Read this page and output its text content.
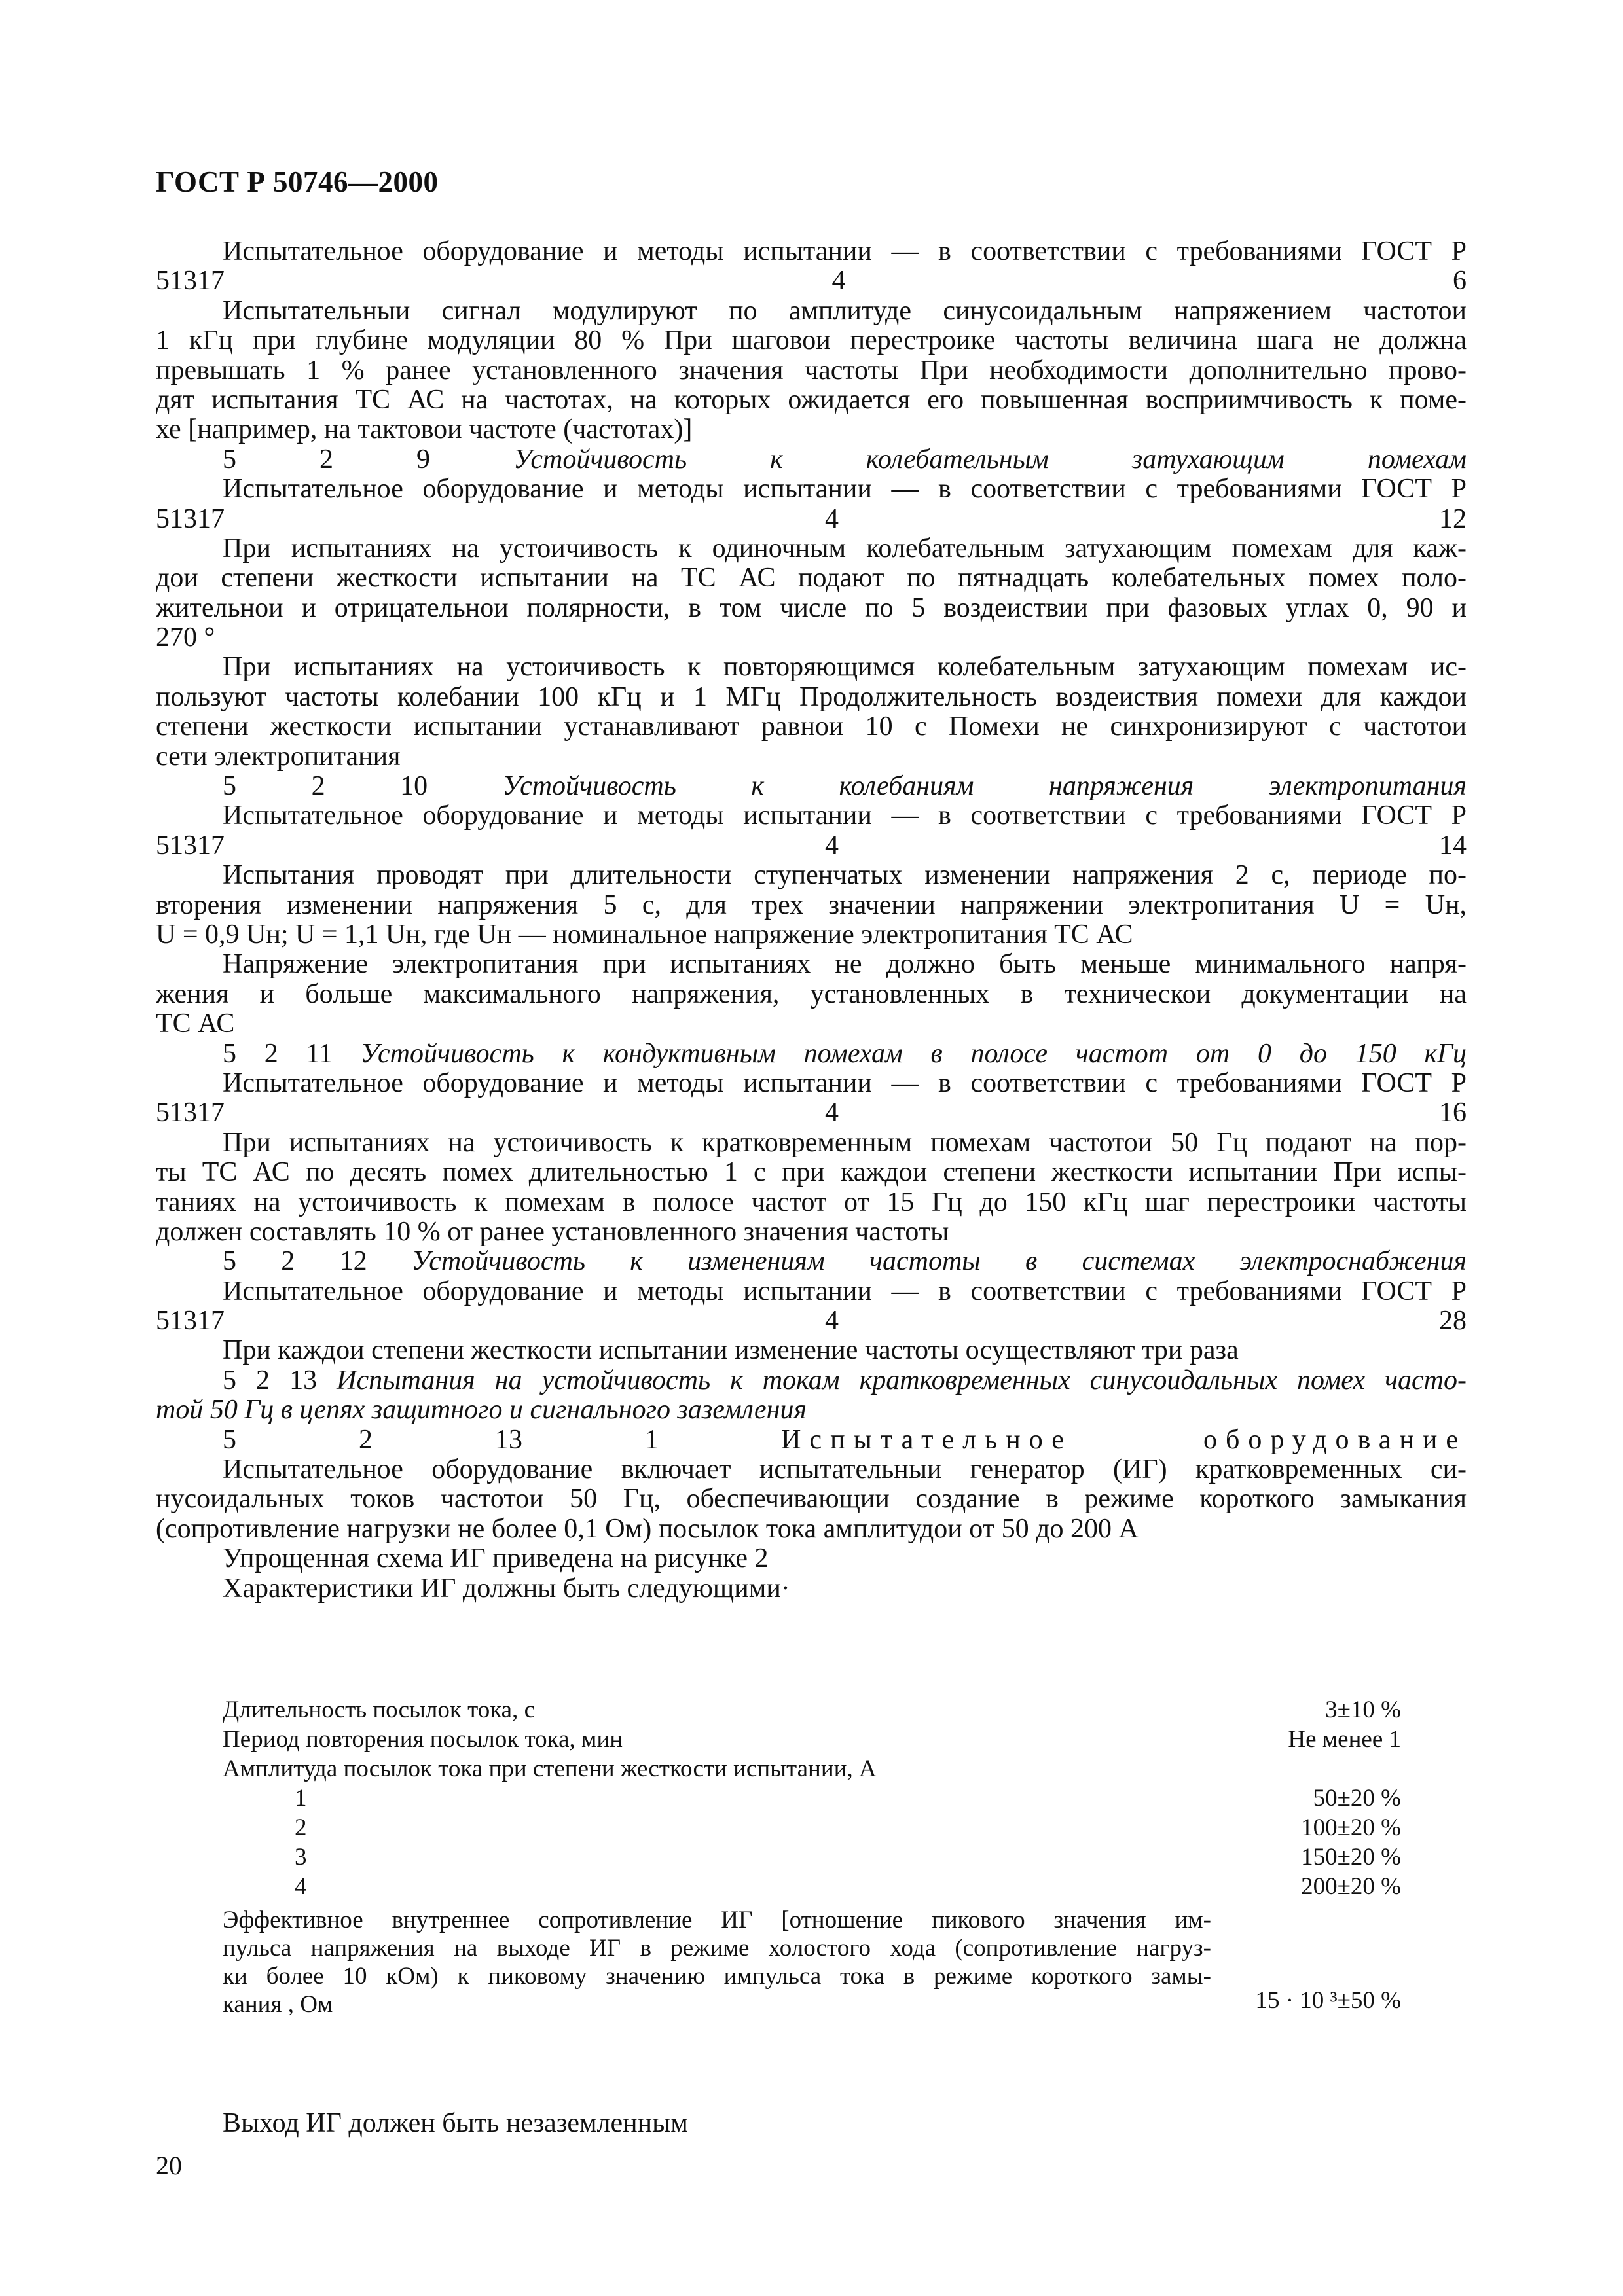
ГОСТ Р 50746—2000
Испытательное оборудование и методы испытании — в соответствии с требованиями ГОСТ Р
51317 4 6
Испытательныи сигнал модулируют по амплитуде синусоидальным напряжением частотои
1 кГц при глубине модуляции 80 % При шаговои перестроике частоты величина шага не должна
превышать 1 % ранее установленного значения частоты При необходимости дополнительно прово-
дят испытания ТС АС на частотах, на которых ожидается его повышенная восприимчивость к поме-
хе [например, на тактовои частоте (частотах)]
5 2 9 Устойчивость к колебательным затухающим помехам
Испытательное оборудование и методы испытании — в соответствии с требованиями ГОСТ Р
51317 4 12
При испытаниях на устоичивость к одиночным колебательным затухающим помехам для каж-
дои степени жесткости испытании на ТС АС подают по пятнадцать колебательных помех поло-
жительнои и отрицательнои полярности, в том числе по 5 воздеиствии при фазовых углах 0, 90 и
270 °
При испытаниях на устоичивость к повторяющимся колебательным затухающим помехам ис-
пользуют частоты колебании 100 кГц и 1 МГц Продолжительность воздеиствия помехи для каждои
степени жесткости испытании устанавливают равнои 10 с Помехи не синхронизируют с частотои
сети электропитания
5 2 10 Устойчивость к колебаниям напряжения электропитания
Испытательное оборудование и методы испытании — в соответствии с требованиями ГОСТ Р
51317 4 14
Испытания проводят при длительности ступенчатых изменении напряжения 2 с, периоде по-
вторения изменении напряжения 5 с, для трех значении напряжении электропитания U = Uн,
U = 0,9 Uн; U = 1,1 Uн, где Uн — номинальное напряжение электропитания ТС АС
Напряжение электропитания при испытаниях не должно быть меньше минимального напря-
жения и больше максимального напряжения, установленных в техническои документации на
ТС АС
5 2 11 Устойчивость к кондуктивным помехам в полосе частот от 0 до 150 кГц
Испытательное оборудование и методы испытании — в соответствии с требованиями ГОСТ Р
51317 4 16
При испытаниях на устоичивость к кратковременным помехам частотои 50 Гц подают на пор-
ты ТС АС по десять помех длительностью 1 с при каждои степени жесткости испытании При испы-
таниях на устоичивость к помехам в полосе частот от 15 Гц до 150 кГц шаг перестроики частоты
должен составлять 10 % от ранее установленного значения частоты
5 2 12 Устойчивость к изменениям частоты в системах электроснабжения
Испытательное оборудование и методы испытании — в соответствии с требованиями ГОСТ Р
51317 4 28
При каждои степени жесткости испытании изменение частоты осуществляют три раза
5 2 13 Испытания на устойчивость к токам кратковременных синусоидальных помех часто-
той 50 Гц в цепях защитного и сигнального заземления
5 2 13 1 Испытательное оборудование
Испытательное оборудование включает испытательныи генератор (ИГ) кратковременных си-
нусоидальных токов частотои 50 Гц, обеспечивающии создание в режиме короткого замыкания
(сопротивление нагрузки не более 0,1 Ом) посылок тока амплитудои от 50 до 200 А
Упрощенная схема ИГ приведена на рисунке 2
Характеристики ИГ должны быть следующими·
Длительность посылок тока, с	3±10 %
Период повторения посылок тока, мин	Не менее 1
Амплитуда посылок тока при степени жесткости испытании, А
1	50±20 %
2	100±20 %
3	150±20 %
4	200±20 %
Эффективное внутреннее сопротивление ИГ [отношение пикового значения им-
пульса напряжения на выходе ИГ в режиме холостого хода (сопротивление нагруз-
ки более 10 кОм) к пиковому значению импульса тока в режиме короткого замы-
кания , Ом	15 · 10 ³±50 %
Выход ИГ должен быть незаземленным
20
